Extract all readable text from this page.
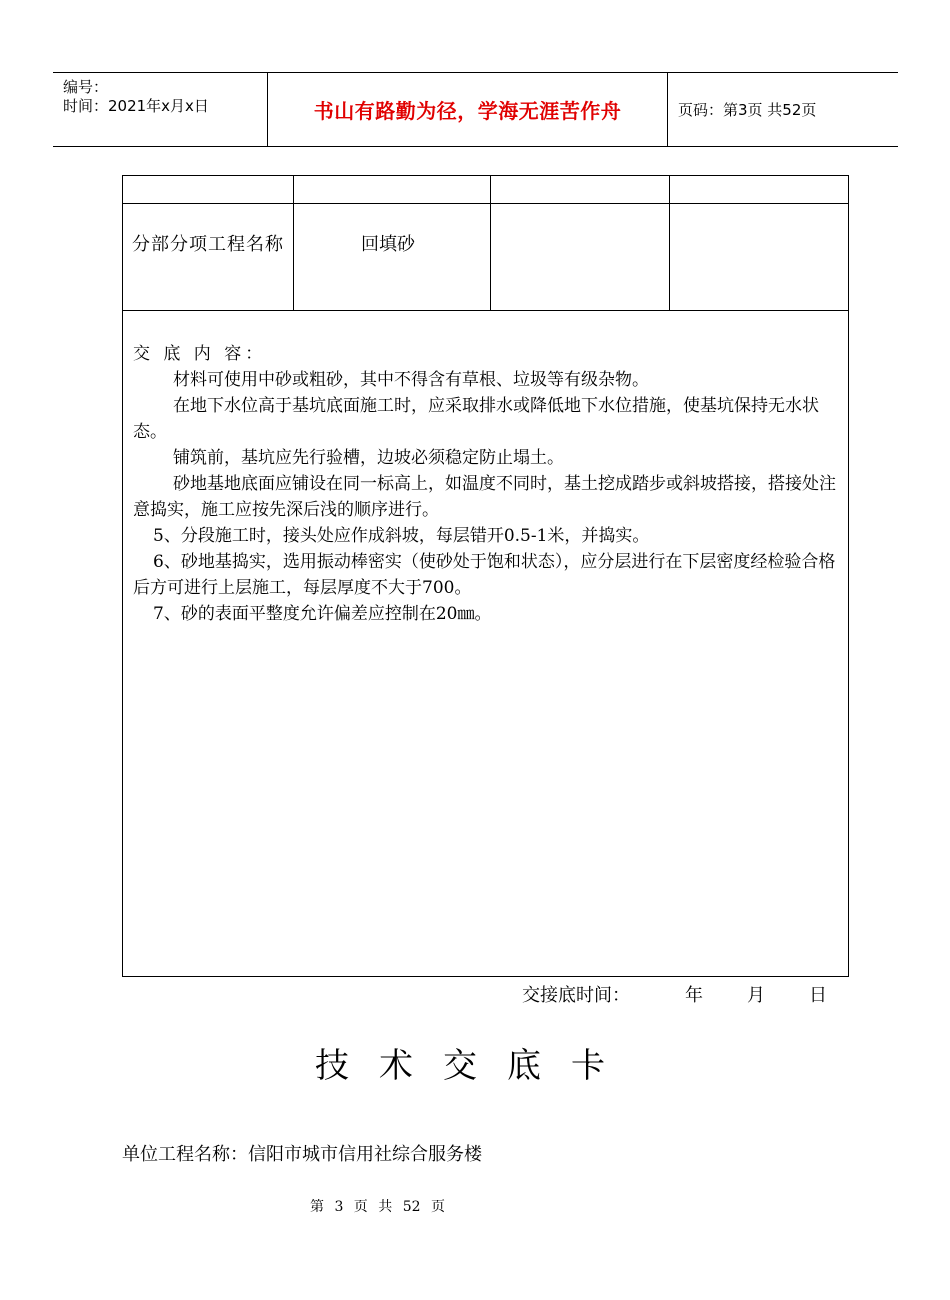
编号：
时间：2021年x月x日	书山有路勤为径，学海无涯苦作舟	页码：第3页 共52页
分部分项工程名称	回填砂

交 底 内 容：

材料可使用中砂或粗砂，其中不得含有草根、垃圾等有级杂物。

在地下水位高于基坑底面施工时，应采取排水或降低地下水位措施，使基坑保持无水状态。

铺筑前，基坑应先行验槽，边坡必须稳定防止塌土。

砂地基地底面应铺设在同一标高上，如温度不同时，基土挖成踏步或斜坡搭接，搭接处注意捣实，施工应按先深后浅的顺序进行。

5、分段施工时，接头处应作成斜坡，每层错开0.5-1米，并捣实。

6、砂地基捣实，选用振动棒密实（使砂处于饱和状态），应分层进行在下层密度经检验合格后方可进行上层施工，每层厚度不大于700。

7、砂的表面平整度允许偏差应控制在20㎜。

交接底时间：	年 月 日
技术交底卡
单位工程名称：信阳市城市信用社综合服务楼
第 3 页 共 52 页
